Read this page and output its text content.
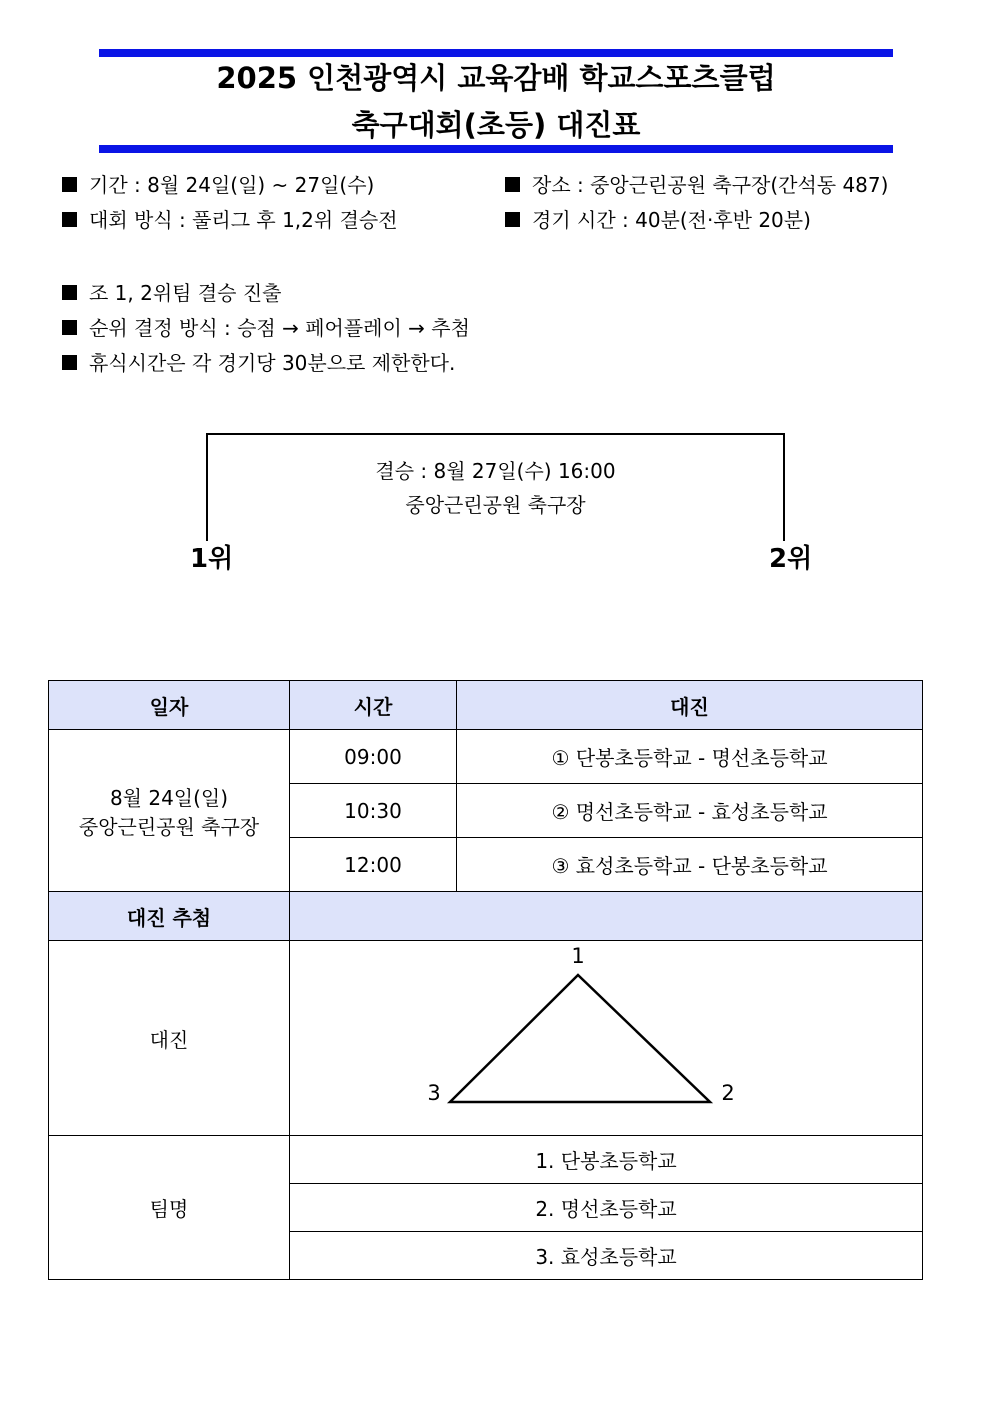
2025 인천광역시 교육감배 학교스포츠클럽
축구대회(초등) 대진표
기간 : 8월 24일(일) ~ 27일(수)	장소 : 중앙근린공원 축구장(간석동 487)
대회 방식 : 풀리그 후 1,2위 결승전	경기 시간 : 40분(전·후반 20분)
조 1, 2위팀 결승 진출
순위 결정 방식 : 승점 → 페어플레이 → 추첨
휴식시간은 각 경기당 30분으로 제한한다.
결승 : 8월 27일(수) 16:00
중앙근린공원 축구장
1위	2위
일자	시간	대진

8월 24일(일)
중앙근린공원 축구장	09:00	① 단봉초등학교 - 명선초등학교
	10:30	② 명선초등학교 - 효성초등학교
	12:00	③ 효성초등학교 - 단봉초등학교
대진 추첨		
대진	1
2
3	

팀명	1. 단봉초등학교	
	2. 명선초등학교	
	3. 효성초등학교	
